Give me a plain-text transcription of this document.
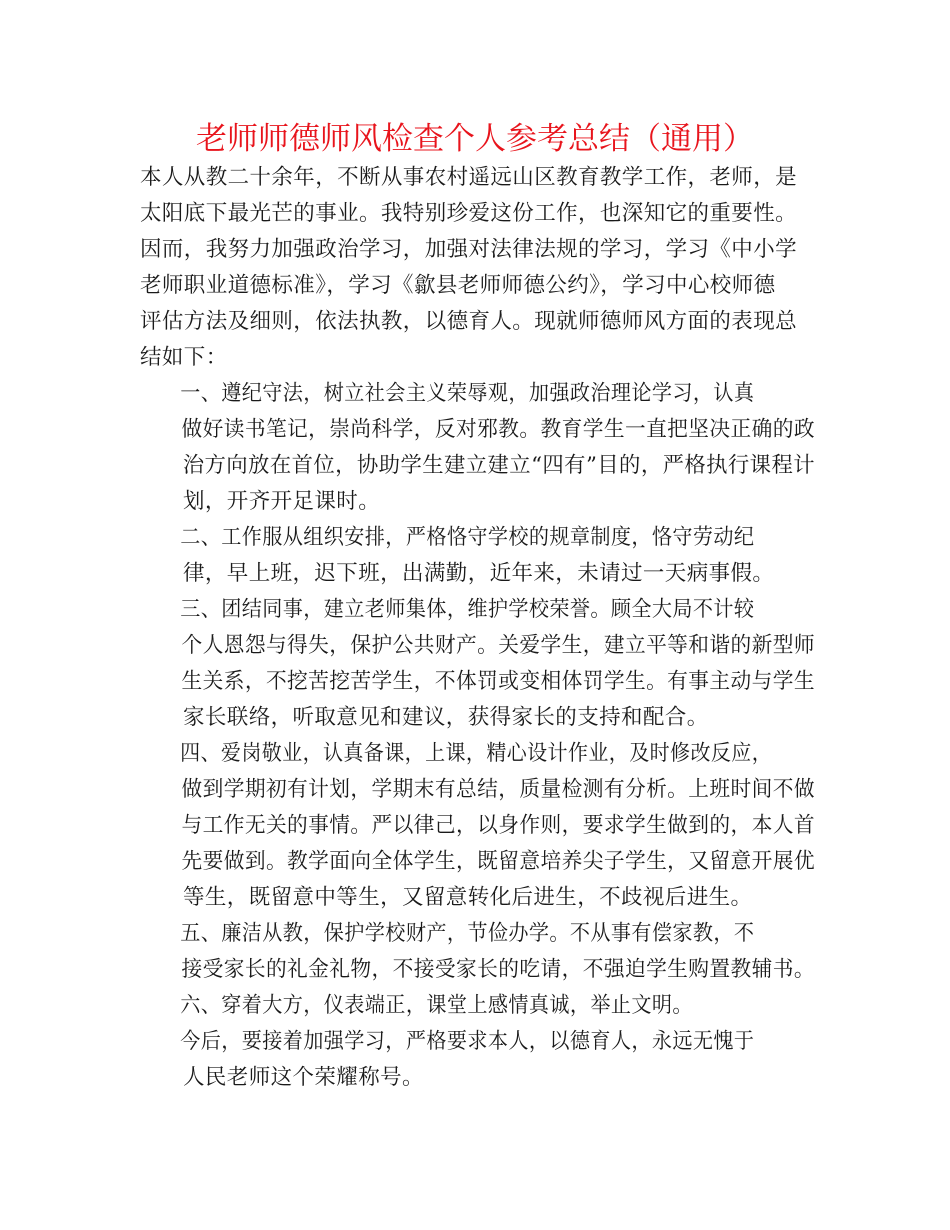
老师师德师风检查个人参考总结（通用）
本人从教二十余年，不断从事农村遥远山区教育教学工作，老师，是
太阳底下最光芒的事业。我特别珍爱这份工作，也深知它的重要性。
因而，我努力加强政治学习，加强对法律法规的学习，学习《中小学
老师职业道德标准》，学习《歙县老师师德公约》，学习中心校师德
评估方法及细则，依法执教，以德育人。现就师德师风方面的表现总
结如下：
一、遵纪守法，树立社会主义荣辱观，加强政治理论学习，认真
做好读书笔记，崇尚科学，反对邪教。教育学生一直把坚决正确的政
治方向放在首位，协助学生建立建立“四有”目的，严格执行课程计
划，开齐开足课时。
二、工作服从组织安排，严格恪守学校的规章制度，恪守劳动纪
律，早上班，迟下班，出满勤，近年来，未请过一天病事假。
三、团结同事，建立老师集体，维护学校荣誉。顾全大局不计较
个人恩怨与得失，保护公共财产。关爱学生，建立平等和谐的新型师
生关系，不挖苦挖苦学生，不体罚或变相体罚学生。有事主动与学生
家长联络，听取意见和建议，获得家长的支持和配合。
四、爱岗敬业，认真备课，上课，精心设计作业，及时修改反应，
做到学期初有计划，学期末有总结，质量检测有分析。上班时间不做
与工作无关的事情。严以律己，以身作则，要求学生做到的，本人首
先要做到。教学面向全体学生，既留意培养尖子学生，又留意开展优
等生，既留意中等生，又留意转化后进生，不歧视后进生。
五、廉洁从教，保护学校财产，节俭办学。不从事有偿家教，不
接受家长的礼金礼物，不接受家长的吃请，不强迫学生购置教辅书。
六、穿着大方，仪表端正，课堂上感情真诚，举止文明。
今后，要接着加强学习，严格要求本人，以德育人，永远无愧于
人民老师这个荣耀称号。
